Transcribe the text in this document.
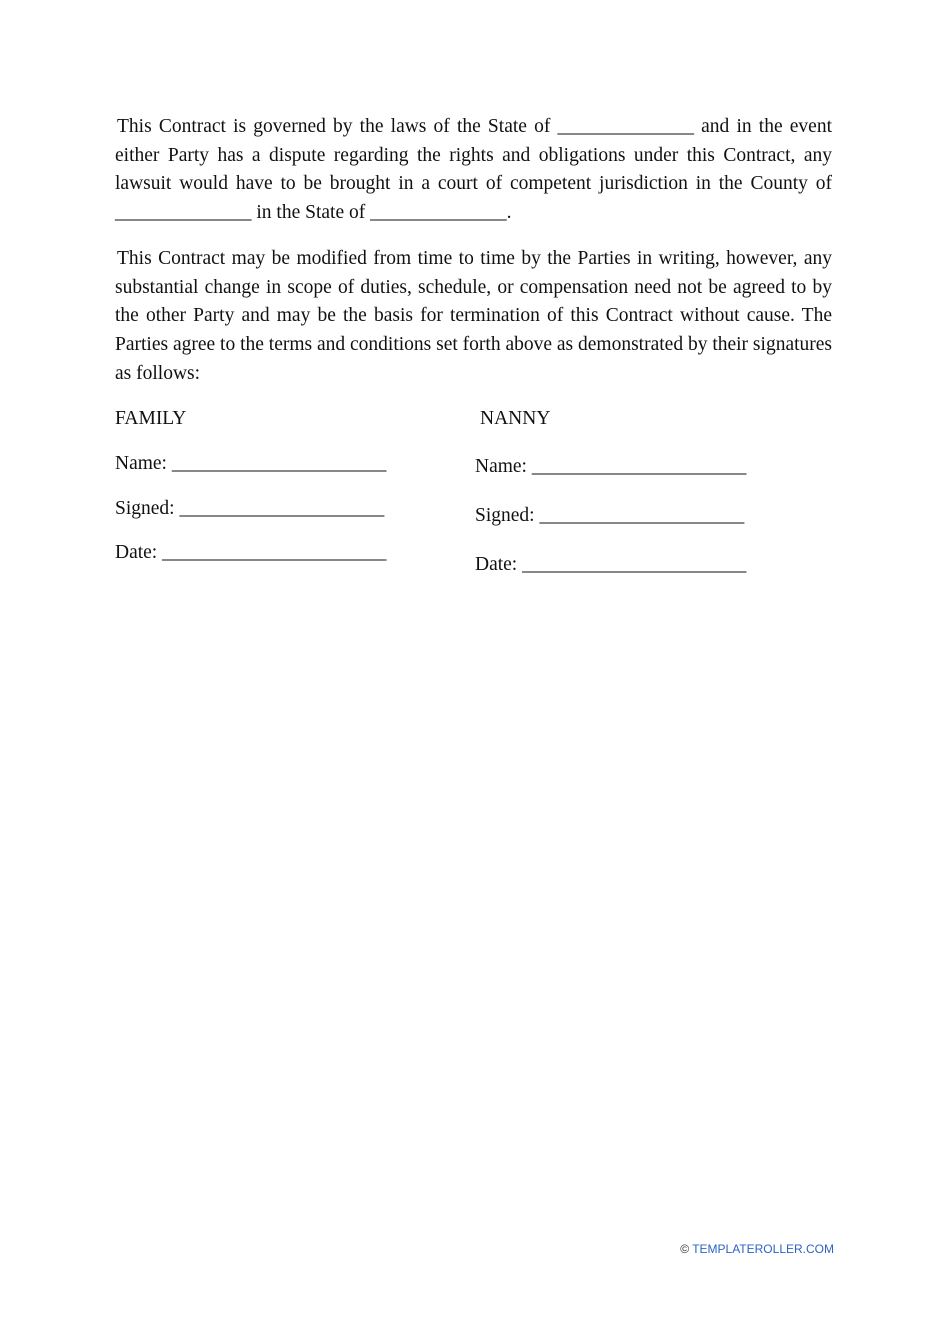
This Contract is governed by the laws of the State of ______________ and in the event either Party has a dispute regarding the rights and obligations under this Contract, any lawsuit would have to be brought in a court of competent jurisdiction in the County of ______________ in the State of ______________.

This Contract may be modified from time to time by the Parties in writing, however, any substantial change in scope of duties, schedule, or compensation need not be agreed to by the other Party and may be the basis for termination of this Contract without cause. The Parties agree to the terms and conditions set forth above as demonstrated by their signatures as follows:

FAMILY

Name: ______________________

Signed: _____________________

Date: _______________________

NANNY

Name: ______________________

Signed: _____________________

Date: _______________________

© TEMPLATEROLLER.COM
